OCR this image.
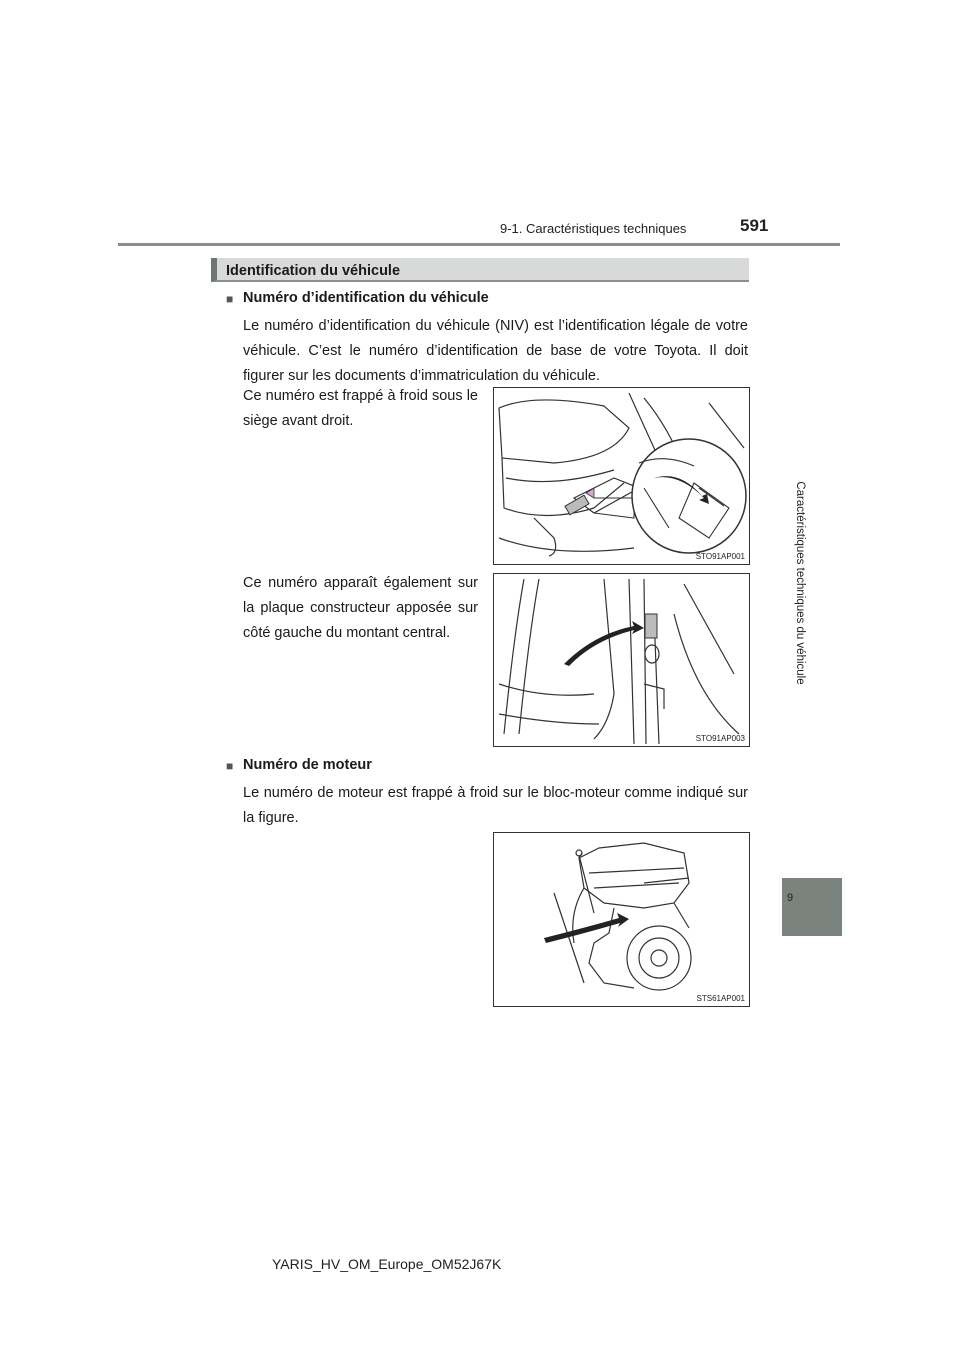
9-1. Caractéristiques techniques	591
Caractéristiques techniques du véhicule
9
Identification du véhicule
■ Numéro d’identification du véhicule
Le numéro d’identification du véhicule (NIV) est l’identification légale de votre véhicule. C’est le numéro d’identification de base de votre Toyota. Il doit figurer sur les documents d’immatriculation du véhicule.
Ce numéro est frappé à froid sous le siège avant droit.
STO91AP001
Ce numéro apparaît également sur la plaque constructeur apposée sur côté gauche du montant central.
STO91AP003
■ Numéro de moteur
Le numéro de moteur est frappé à froid sur le bloc-moteur comme indiqué sur la figure.
STS61AP001
YARIS_HV_OM_Europe_OM52J67K
